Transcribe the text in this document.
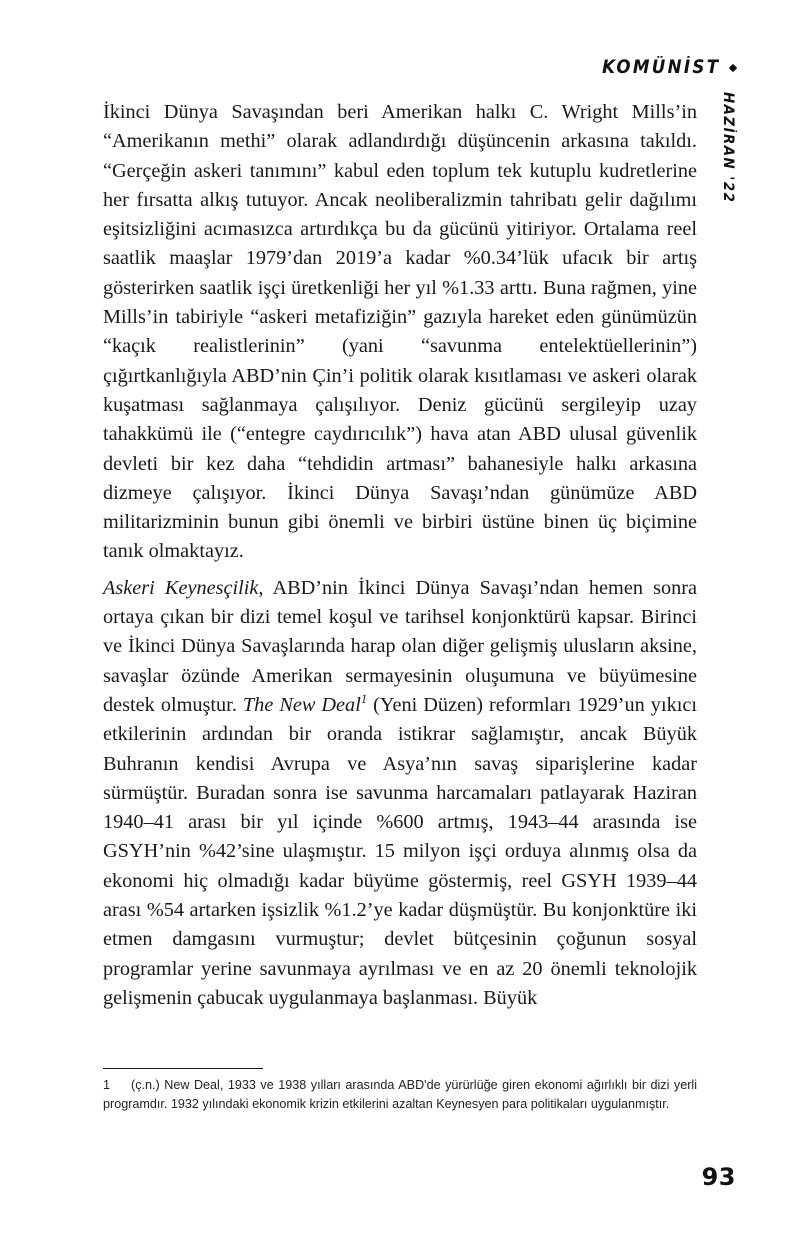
KOMÜNİST
HAZİRAN '22

İkinci Dünya Savaşından beri Amerikan halkı C. Wright Mills’in “Amerikanın methi” olarak adlandırdığı düşüncenin arkasına takıldı. “Gerçeğin askeri tanımını” kabul eden toplum tek kutuplu kudretlerine her fırsatta alkış tutuyor. Ancak neoliberalizmin tahribatı gelir dağılımı eşitsizliğini acımasızca artırdıkça bu da gücünü yitiriyor. Ortalama reel saatlik maaşlar 1979’dan 2019’a kadar %0.34’lük ufacık bir artış gösterirken saatlik işçi üretkenliği her yıl %1.33 arttı. Buna rağmen, yine Mills’in tabiriyle “askeri metafiziğin” gazıyla hareket eden günümüzün “kaçık realistlerinin” (yani “savunma entelektüellerinin”) çığırtkanlığıyla ABD’nin Çin’i politik olarak kısıtlaması ve askeri olarak kuşatması sağlanmaya çalışılıyor. Deniz gücünü sergileyip uzay tahakkümü ile (“entegre caydırıcılık”) hava atan ABD ulusal güvenlik devleti bir kez daha “tehdidin artması” bahanesiyle halkı arkasına dizmeye çalışıyor. İkinci Dünya Savaşı’ndan günümüze ABD militarizminin bunun gibi önemli ve birbiri üstüne binen üç biçimine tanık olmaktayız.

Askeri Keynesçilik, ABD’nin İkinci Dünya Savaşı’ndan hemen sonra ortaya çıkan bir dizi temel koşul ve tarihsel konjonktürü kapsar. Birinci ve İkinci Dünya Savaşlarında harap olan diğer gelişmiş ulusların aksine, savaşlar özünde Amerikan sermayesinin oluşumuna ve büyümesine destek olmuştur. The New Deal$^1$ (Yeni Düzen) reformları 1929’un yıkıcı etkilerinin ardından bir oranda istikrar sağlamıştır, ancak Büyük Buhranın kendisi Avrupa ve Asya’nın savaş siparişlerine kadar sürmüştür. Buradan sonra ise savunma harcamaları patlayarak Haziran 1940–41 arası bir yıl içinde %600 artmış, 1943–44 arasında ise GSYH’nin %42’sine ulaşmıştır. 15 milyon işçi orduya alınmış olsa da ekonomi hiç olmadığı kadar büyüme göstermiş, reel GSYH 1939–44 arası %54 artarken işsizlik %1.2’ye kadar düşmüştür. Bu konjonktüre iki etmen damgasını vurmuştur; devlet bütçesinin çoğunun sosyal programlar yerine savunmaya ayrılması ve en az 20 önemli teknolojik gelişmenin çabucak uygulanmaya başlanması. Büyük

1 (ç.n.) New Deal, 1933 ve 1938 yılları arasında ABD'de yürürlüğe giren ekonomi ağırlıklı bir dizi yerli programdır. 1932 yılındaki ekonomik krizin etkilerini azaltan Keynesyen para politikaları uygulanmıştır.

93
